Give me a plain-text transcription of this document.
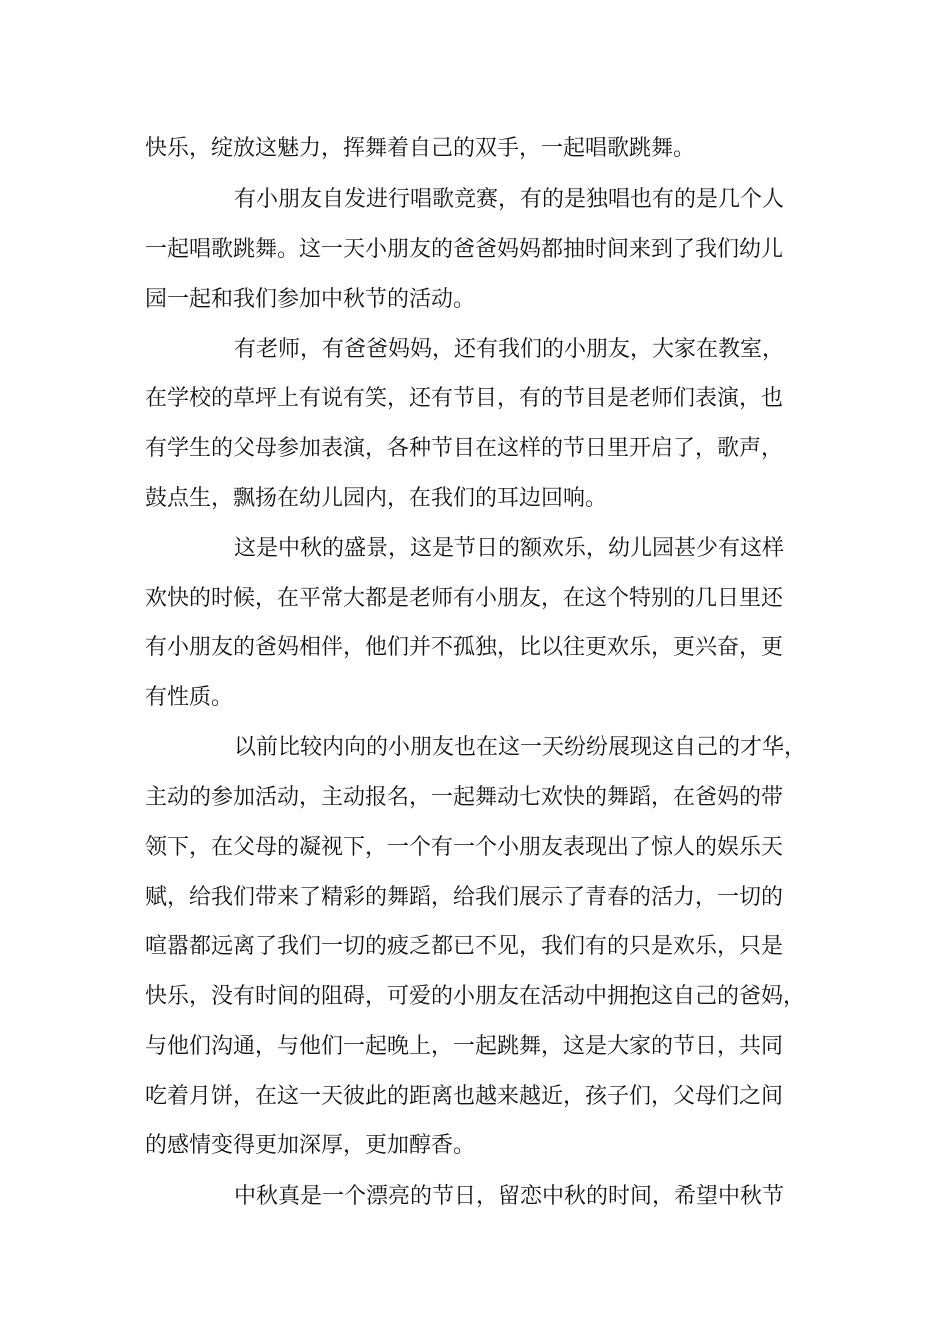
快乐，绽放这魅力，挥舞着自己的双手，一起唱歌跳舞。
有小朋友自发进行唱歌竞赛，有的是独唱也有的是几个人
一起唱歌跳舞。这一天小朋友的爸爸妈妈都抽时间来到了我们幼儿
园一起和我们参加中秋节的活动。
有老师，有爸爸妈妈，还有我们的小朋友，大家在教室，
在学校的草坪上有说有笑，还有节目，有的节目是老师们表演，也
有学生的父母参加表演，各种节目在这样的节日里开启了，歌声，
鼓点生，飘扬在幼儿园内，在我们的耳边回响。
这是中秋的盛景，这是节日的额欢乐，幼儿园甚少有这样
欢快的时候，在平常大都是老师有小朋友，在这个特别的几日里还
有小朋友的爸妈相伴，他们并不孤独，比以往更欢乐，更兴奋，更
有性质。
以前比较内向的小朋友也在这一天纷纷展现这自己的才华，
主动的参加活动，主动报名，一起舞动七欢快的舞蹈，在爸妈的带
领下，在父母的凝视下，一个有一个小朋友表现出了惊人的娱乐天
赋，给我们带来了精彩的舞蹈，给我们展示了青春的活力，一切的
喧嚣都远离了我们一切的疲乏都已不见，我们有的只是欢乐，只是
快乐，没有时间的阻碍，可爱的小朋友在活动中拥抱这自己的爸妈，
与他们沟通，与他们一起晚上，一起跳舞，这是大家的节日，共同
吃着月饼，在这一天彼此的距离也越来越近，孩子们，父母们之间
的感情变得更加深厚，更加醇香。
中秋真是一个漂亮的节日，留恋中秋的时间，希望中秋节
